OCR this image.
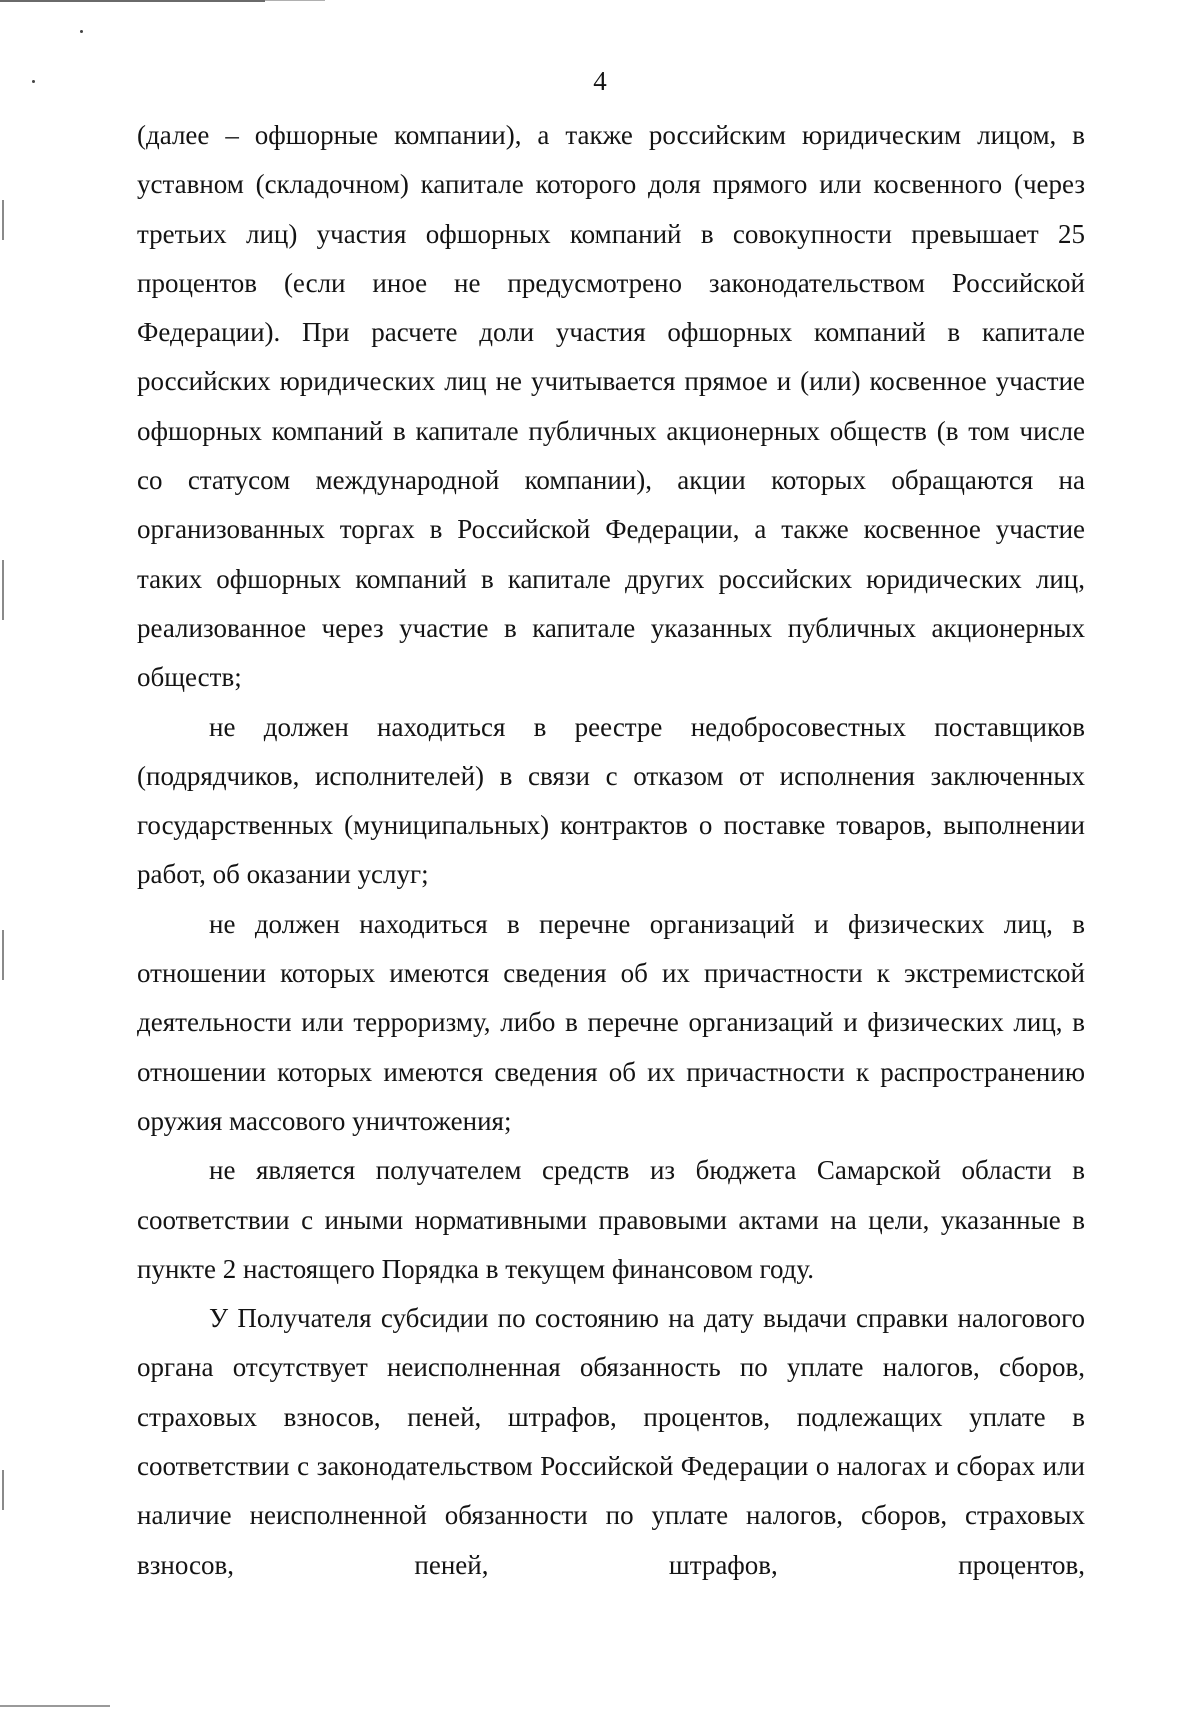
4

(далее – офшорные компании), а также российским юридическим лицом, в уставном (складочном) капитале которого доля прямого или косвенного (через третьих лиц) участия офшорных компаний в совокупности превышает 25 процентов (если иное не предусмотрено законодательством Российской Федерации). При расчете доли участия офшорных компаний в капитале российских юридических лиц не учитывается прямое и (или) косвенное участие офшорных компаний в капитале публичных акционерных обществ (в том числе со статусом международной компании), акции которых обращаются на организованных торгах в Российской Федерации, а также косвенное участие таких офшорных компаний в капитале других российских юридических лиц, реализованное через участие в капитале указанных публичных акционерных обществ;

не должен находиться в реестре недобросовестных поставщиков (подрядчиков, исполнителей) в связи с отказом от исполнения заключенных государственных (муниципальных) контрактов о поставке товаров, выполнении работ, об оказании услуг;

не должен находиться в перечне организаций и физических лиц, в отношении которых имеются сведения об их причастности к экстремистской деятельности или терроризму, либо в перечне организаций и физических лиц, в отношении которых имеются сведения об их причастности к распространению оружия массового уничтожения;

не является получателем средств из бюджета Самарской области в соответствии с иными нормативными правовыми актами на цели, указанные в пункте 2 настоящего Порядка в текущем финансовом году.

У Получателя субсидии по состоянию на дату выдачи справки налогового органа отсутствует неисполненная обязанность по уплате налогов, сборов, страховых взносов, пеней, штрафов, процентов, подлежащих уплате в соответствии с законодательством Российской Федерации о налогах и сборах или наличие неисполненной обязанности по уплате налогов, сборов, страховых взносов, пеней, штрафов, процентов,
